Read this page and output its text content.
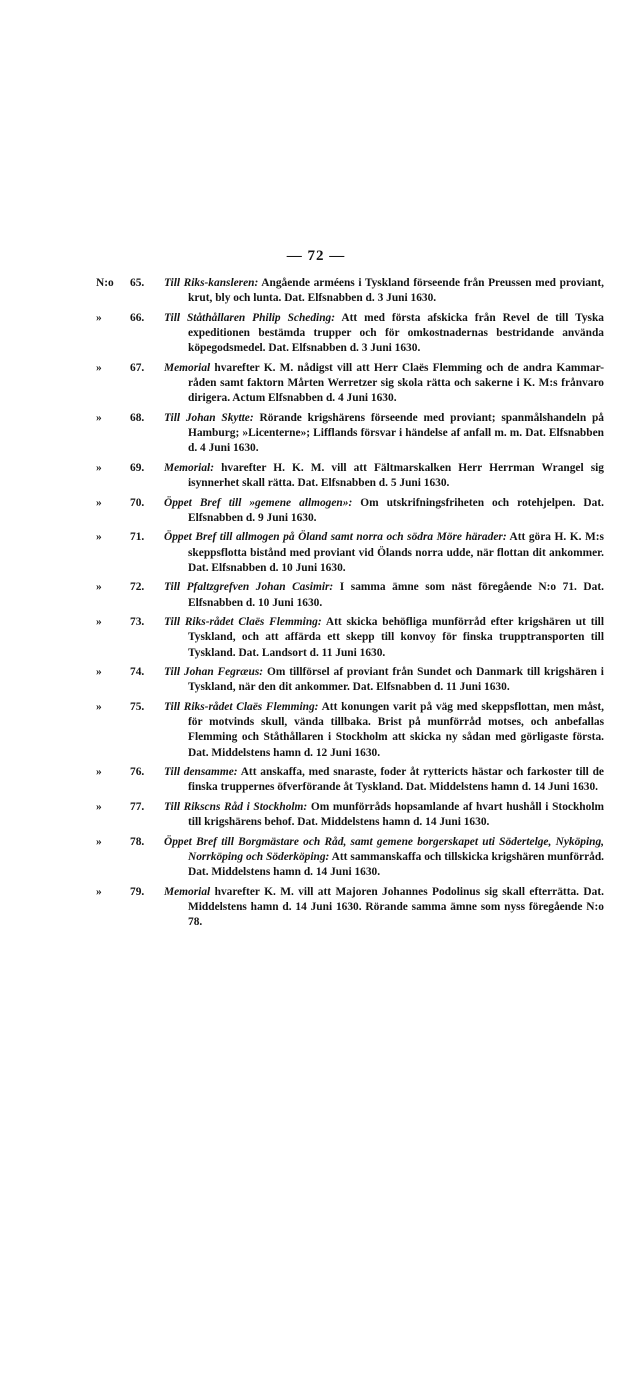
— 72 —
N:o 65.	Till Riks-kansleren: Angående arméens i Tyskland förseende från Preussen med proviant, krut, bly och lunta. Dat. Elfsnabben d. 3 Juni 1630.
» 66.	Till Ståthållaren Philip Scheding: Att med första afskicka från Revel de till Tyska expeditionen bestämda trupper och för omkostnadernas bestridande använda köpegodsmedel. Dat. Elfsnabben d. 3 Juni 1630.
» 67.	Memorial hvarefter K. M. nådigst vill att Herr Claës Flemming och de andra Kammar-råden samt faktorn Mårten Werretzer sig skola rätta och sakerne i K. M:s frånvaro dirigera. Actum Elfsnabben d. 4 Juni 1630.
» 68.	Till Johan Skytte: Rörande krigshärens förseende med proviant; spanmålshandeln på Hamburg; »Licenterne»; Lifflands försvar i händelse af anfall m. m. Dat. Elfsnabben d. 4 Juni 1630.
» 69.	Memorial: hvarefter H. K. M. vill att Fältmarskalken Herr Herrman Wrangel sig isynnerhet skall rätta. Dat. Elfsnabben d. 5 Juni 1630.
» 70.	Öppet Bref till »gemene allmogen»: Om utskrifningsfriheten och rotehjelpen. Dat. Elfsnabben d. 9 Juni 1630.
» 71.	Öppet Bref till allmogen på Öland samt norra och södra Möre härader: Att göra H. K. M:s skeppsflotta bistånd med proviant vid Ölands norra udde, när flottan dit ankommer. Dat. Elfsnabben d. 10 Juni 1630.
» 72.	Till Pfaltzgrefven Johan Casimir: I samma ämne som näst föregående N:o 71. Dat. Elfsnabben d. 10 Juni 1630.
» 73.	Till Riks-rådet Claës Flemming: Att skicka behöfliga munförråd efter krigshären ut till Tyskland, och att affärda ett skepp till konvoy för finska trupptransporten till Tyskland. Dat. Landsort d. 11 Juni 1630.
» 74.	Till Johan Fegræus: Om tillförsel af proviant från Sundet och Danmark till krigshären i Tyskland, när den dit ankommer. Dat. Elfsnabben d. 11 Juni 1630.
» 75.	Till Riks-rådet Claës Flemming: Att konungen varit på väg med skeppsflottan, men måst, för motvinds skull, vända tillbaka. Brist på munförråd motses, och anbefallas Flemming och Ståthållaren i Stockholm att skicka ny sådan med görligaste första. Dat. Middelstens hamn d. 12 Juni 1630.
» 76.	Till densamme: Att anskaffa, med snaraste, foder åt ryttericts hästar och farkoster till de finska truppernes öfverförande åt Tyskland. Dat. Middelstens hamn d. 14 Juni 1630.
» 77.	Till Rikscns Råd i Stockholm: Om munförråds hopsamlande af hvart hushåll i Stockholm till krigshärens behof. Dat. Middelstens hamn d. 14 Juni 1630.
» 78.	Öppet Bref till Borgmästare och Råd, samt gemene borgerskapet uti Södertelge, Nyköping, Norrköping och Söderköping: Att sammanskaffa och tillskicka krigshären munförråd. Dat. Middelstens hamn d. 14 Juni 1630.
» 79.	Memorial hvarefter K. M. vill att Majoren Johannes Podolinus sig skall efterrätta. Dat. Middelstens hamn d. 14 Juni 1630. Rörande samma ämne som nyss föregående N:o 78.
